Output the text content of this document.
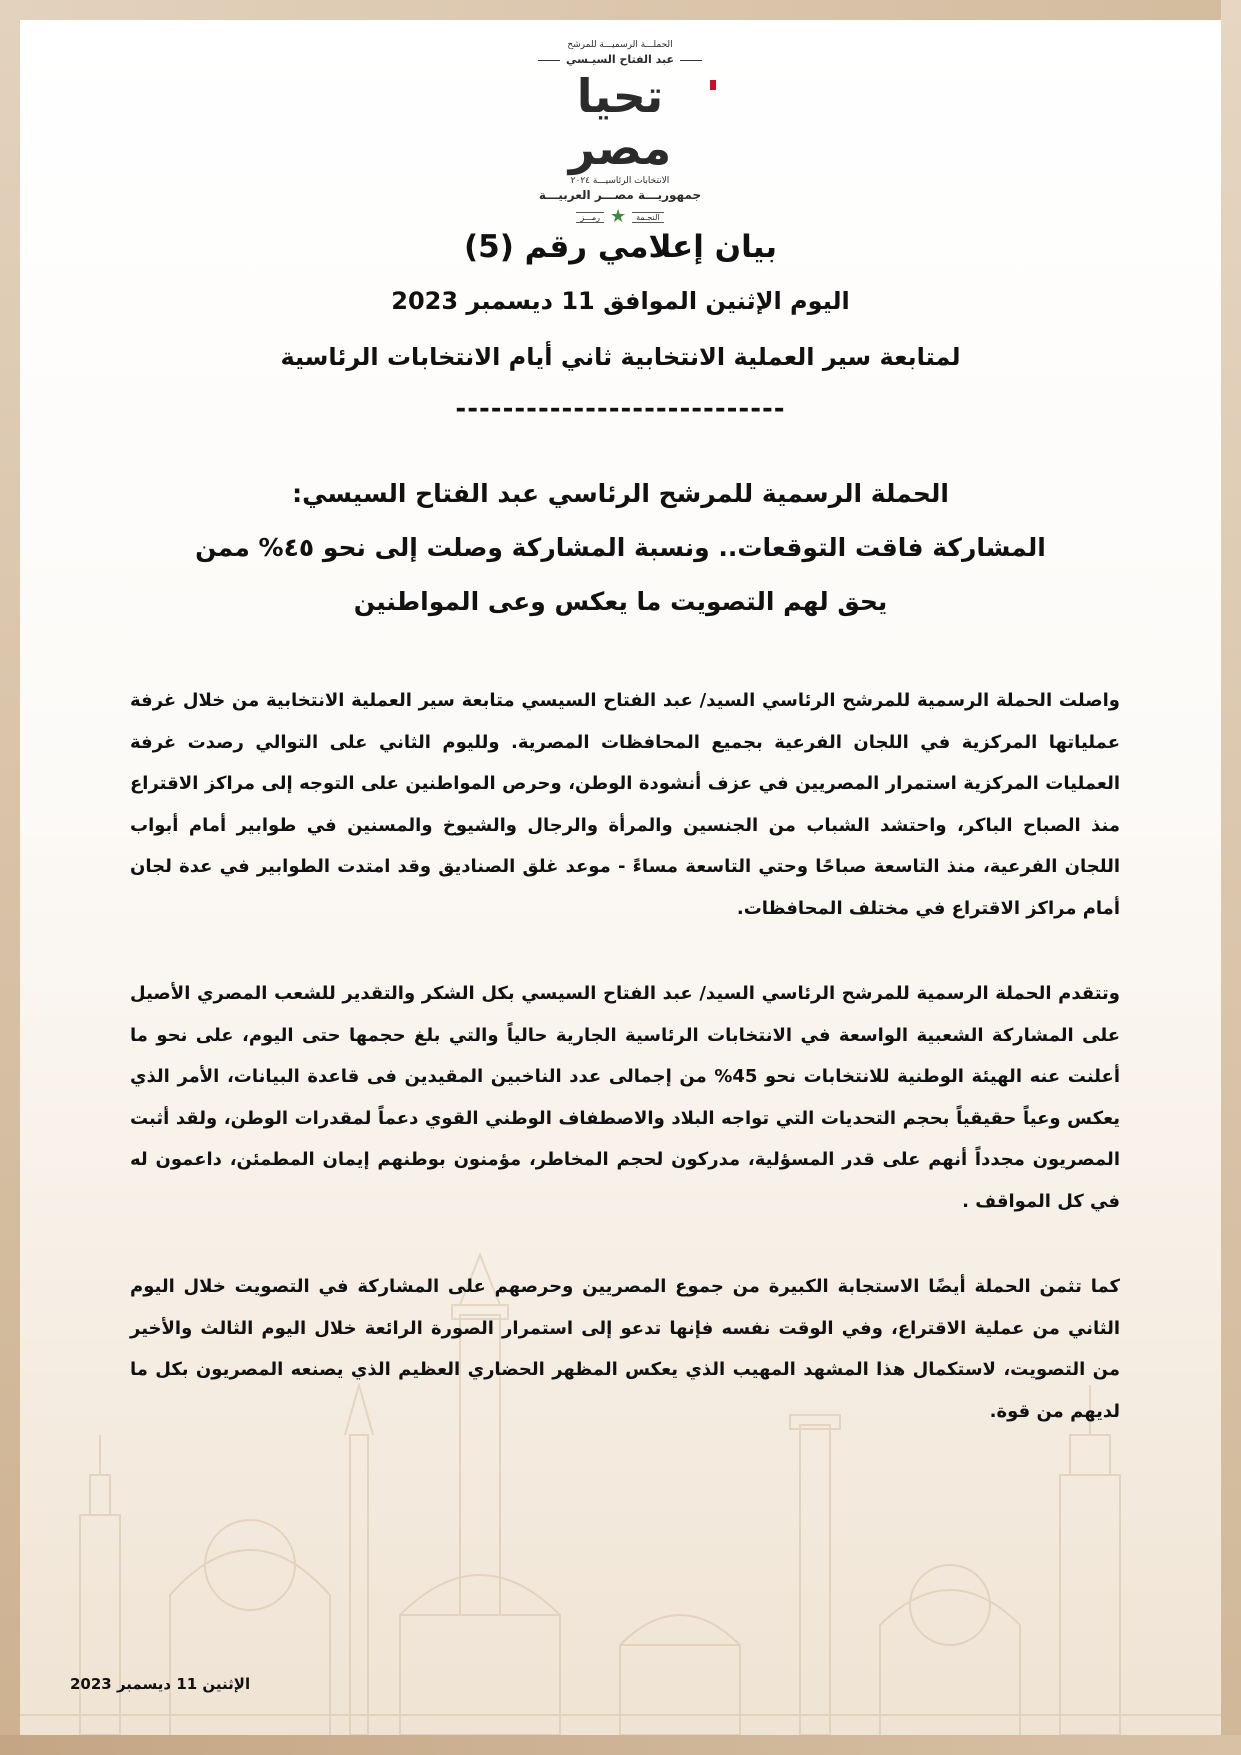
الحملـــة الرسميـــة للمرشح
عبد الفتاح السيـسي
تحيا مصر
الانتخابات الرئاسيـــة ٢٠٢٤
جمهوريـــة مصـــر العربيـــة
رمـــز ★	النجـمة
بيان إعلامي رقم (5)
اليوم الإثنين الموافق 11 ديسمبر 2023
لمتابعة سير العملية الانتخابية ثاني أيام الانتخابات الرئاسية
----------------------------
الحملة الرسمية للمرشح الرئاسي عبد الفتاح السيسي:
المشاركة فاقت التوقعات.. ونسبة المشاركة وصلت إلى نحو ٤٥% ممن
يحق لهم التصويت ما يعكس وعى المواطنين

واصلت الحملة الرسمية للمرشح الرئاسي السيد/ عبد الفتاح السيسي متابعة سير العملية الانتخابية من خلال غرفة عملياتها المركزية في اللجان الفرعية بجميع المحافظات المصرية. ولليوم الثاني على التوالي رصدت غرفة العمليات المركزية استمرار المصريين في عزف أنشودة الوطن، وحرص المواطنين على التوجه إلى مراكز الاقتراع منذ الصباح الباكر، واحتشد الشباب من الجنسين والمرأة والرجال والشيوخ والمسنين في طوابير أمام أبواب اللجان الفرعية، منذ التاسعة صباحًا وحتي التاسعة مساءً - موعد غلق الصناديق وقد امتدت الطوابير في عدة لجان أمام مراكز الاقتراع في مختلف المحافظات.

وتتقدم الحملة الرسمية للمرشح الرئاسي السيد/ عبد الفتاح السيسي بكل الشكر والتقدير للشعب المصري الأصيل على المشاركة الشعبية الواسعة في الانتخابات الرئاسية الجارية حالياً والتي بلغ حجمها حتى اليوم، على نحو ما أعلنت عنه الهيئة الوطنية للانتخابات نحو 45% من إجمالى عدد الناخبين المقيدين فى قاعدة البيانات، الأمر الذي يعكس وعياً حقيقياً بحجم التحديات التي تواجه البلاد والاصطفاف الوطني القوي دعماً لمقدرات الوطن، ولقد أثبت المصريون مجدداً أنهم على قدر المسؤلية، مدركون لحجم المخاطر، مؤمنون بوطنهم إيمان المطمئن، داعمون له في كل المواقف .

كما تثمن الحملة أيضًا الاستجابة الكبيرة من جموع المصريين وحرصهم على المشاركة في التصويت خلال اليوم الثاني من عملية الاقتراع، وفي الوقت نفسه فإنها تدعو إلى استمرار الصورة الرائعة خلال اليوم الثالث والأخير من التصويت، لاستكمال هذا المشهد المهيب الذي يعكس المظهر الحضاري العظيم الذي يصنعه المصريون بكل ما لديهم من قوة.

الإثنين 11 ديسمبر 2023
